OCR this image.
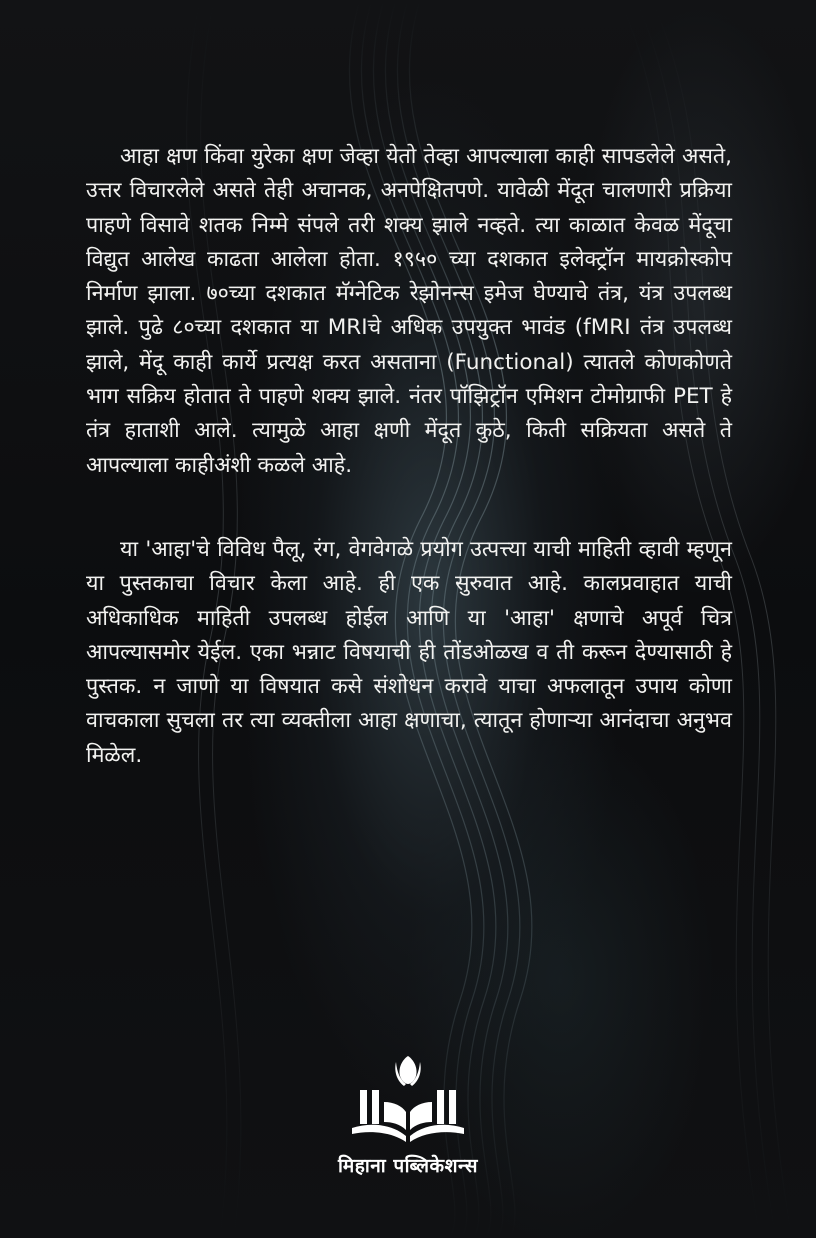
आहा क्षण किंवा युरेका क्षण जेव्हा येतो तेव्हा आपल्याला काही सापडलेले असते, उत्तर विचारलेले असते तेही अचानक, अनपेक्षितपणे. यावेळी मेंदूत चालणारी प्रक्रिया पाहणे विसावे शतक निम्मे संपले तरी शक्य झाले नव्हते. त्या काळात केवळ मेंदूचा विद्युत आलेख काढता आलेला होता. १९५० च्या दशकात इलेक्ट्रॉन मायक्रोस्कोप निर्माण झाला. ७०च्या दशकात मॅग्नेटिक रेझोनन्स इमेज घेण्याचे तंत्र, यंत्र उपलब्ध झाले. पुढे ८०च्या दशकात या MRIचे अधिक उपयुक्त भावंड (fMRI तंत्र उपलब्ध झाले, मेंदू काही कार्ये प्रत्यक्ष करत असताना (Functional) त्यातले कोणकोणते भाग सक्रिय होतात ते पाहणे शक्य झाले. नंतर पॉझिट्रॉन एमिशन टोमोग्राफी PET हे तंत्र हाताशी आले. त्यामुळे आहा क्षणी मेंदूत कुठे, किती सक्रियता असते ते आपल्याला काहीअंशी कळले आहे.

या 'आहा'चे विविध पैलू, रंग, वेगवेगळे प्रयोग उत्पत्त्या याची माहिती व्हावी म्हणून या पुस्तकाचा विचार केला आहे. ही एक सुरुवात आहे. कालप्रवाहात याची अधिकाधिक माहिती उपलब्ध होईल आणि या 'आहा' क्षणाचे अपूर्व चित्र आपल्यासमोर येईल. एका भन्नाट विषयाची ही तोंडओळख व ती करून देण्यासाठी हे पुस्तक. न जाणो या विषयात कसे संशोधन करावे याचा अफलातून उपाय कोणा वाचकाला सुचला तर त्या व्यक्तीला आहा क्षणाचा, त्यातून होणाऱ्या आनंदाचा अनुभव मिळेल.

मिहाना पब्लिकेशन्स
